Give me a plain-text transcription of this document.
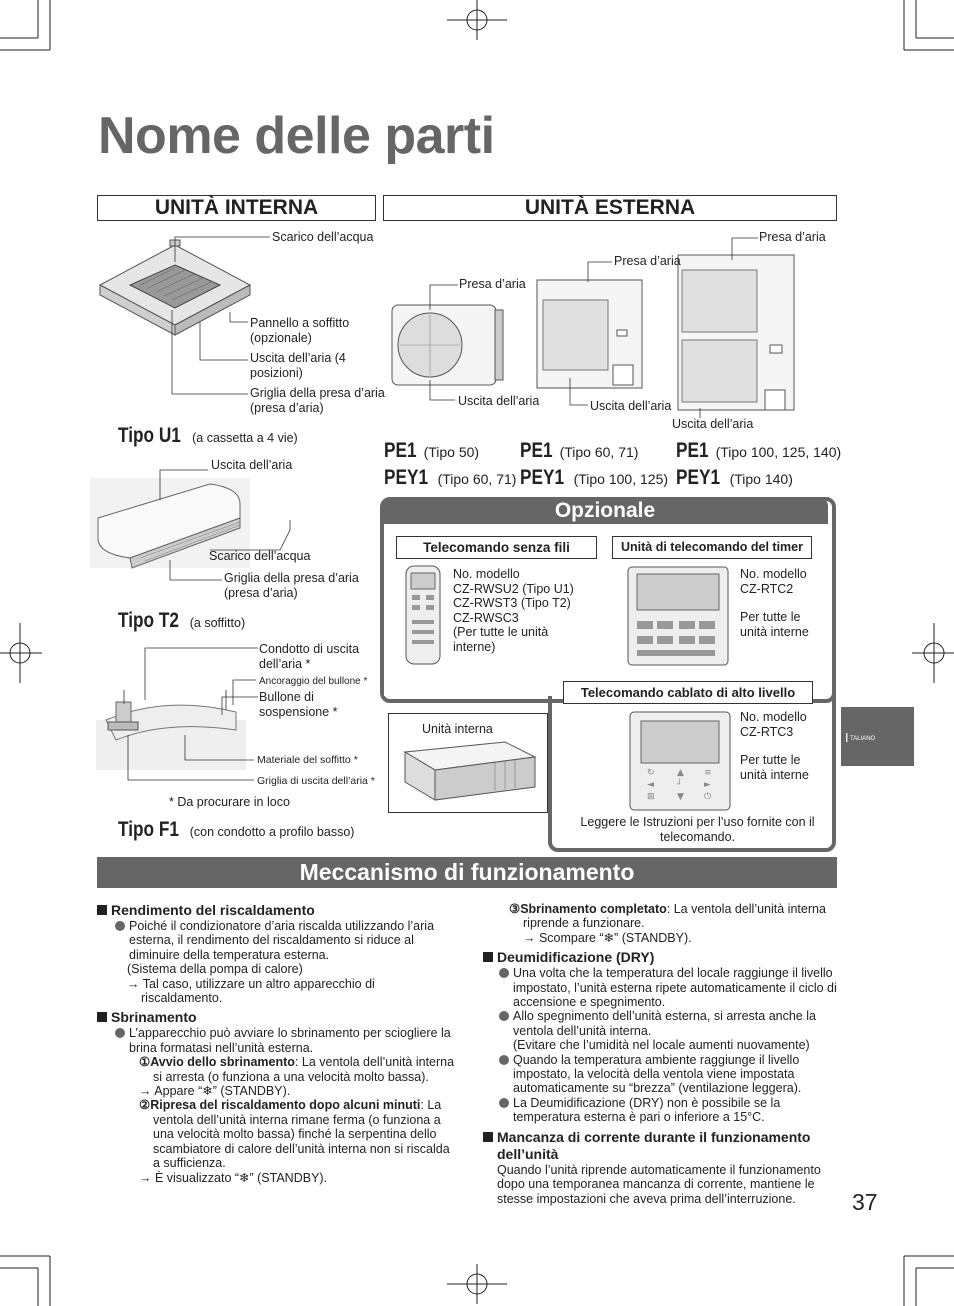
Nome delle parti
UNITÀ INTERNA	UNITÀ ESTERNA
Scarico dell’acqua
Pannello a soffitto (opzionale)
Uscita dell’aria (4 posizioni)
Griglia della presa d’aria (presa d’aria)
Tipo U1 (a cassetta a 4 vie)
Uscita dell’aria
Scarico dell’acqua
Griglia della presa d’aria (presa d’aria)
Tipo T2 (a soffitto)
Condotto di uscita dell’aria *
Ancoraggio del bullone *
Bullone di sospensione *
Materiale del soffitto *
Griglia di uscita dell’aria *
* Da procurare in loco
Tipo F1 (con condotto a profilo basso)
Presa d’aria
Presa d’aria
Presa d’aria
Uscita dell’aria	Uscita dell’aria
Uscita dell’aria
PE1 (Tipo 50)
PEY1 (Tipo 60, 71)
PE1 (Tipo 60, 71)
PEY1 (Tipo 100, 125)
PE1 (Tipo 100, 125, 140)
PEY1 (Tipo 140)
Opzionale
Telecomando senza fili
No. modello
CZ-RWSU2 (Tipo U1)
CZ-RWST3 (Tipo T2)
CZ-RWSC3
(Per tutte le unità
interne)
Unità di telecomando del timer
No. modello
CZ-RTC2
Per tutte le
unità interne
Telecomando cablato di alto livello
↻ ▲ ≡
◄	┘ ►
⊠ ▼ ⏻
No. modello
CZ-RTC3
Per tutte le
unità interne
Unità interna
Leggere le Istruzioni per l’uso fornite con il telecomando.
I TALIANO
Meccanismo di funzionamento
Rendimento del riscaldamento
Poiché il condizionatore d’aria riscalda utilizzando l’aria esterna, il rendimento del riscaldamento si riduce al diminuire della temperatura esterna.
(Sistema della pompa di calore)
→ Tal caso, utilizzare un altro apparecchio di riscaldamento.
Sbrinamento
L’apparecchio può avviare lo sbrinamento per sciogliere la brina formatasi nell’unità esterna.
①Avvio dello sbrinamento: La ventola dell’unità interna si arresta (o funziona a una velocità molto bassa).
→ Appare “❄” (STANDBY).
②Ripresa del riscaldamento dopo alcuni minuti: La ventola dell’unità interna rimane ferma (o funziona a una velocità molto bassa) finché la serpentina dello scambiatore di calore dell’unità interna non si riscalda a sufficienza.
→ È visualizzato “❄” (STANDBY).
③Sbrinamento completato: La ventola dell’unità interna riprende a funzionare.
→ Scompare “❄” (STANDBY).
Deumidificazione (DRY)
Una volta che la temperatura del locale raggiunge il livello impostato, l’unità esterna ripete automaticamente il ciclo di accensione e spegnimento.
Allo spegnimento dell’unità esterna, si arresta anche la ventola dell’unità interna.
(Evitare che l’umidità nel locale aumenti nuovamente)
Quando la temperatura ambiente raggiunge il livello impostato, la velocità della ventola viene impostata automaticamente su “brezza” (ventilazione leggera).
La Deumidificazione (DRY) non è possibile se la temperatura esterna è pari o inferiore a 15°C.
Mancanza di corrente durante il funzionamento dell’unità
Quando l’unità riprende automaticamente il funzionamento dopo una temporanea mancanza di corrente, mantiene le stesse impostazioni che aveva prima dell’interruzione.	37
